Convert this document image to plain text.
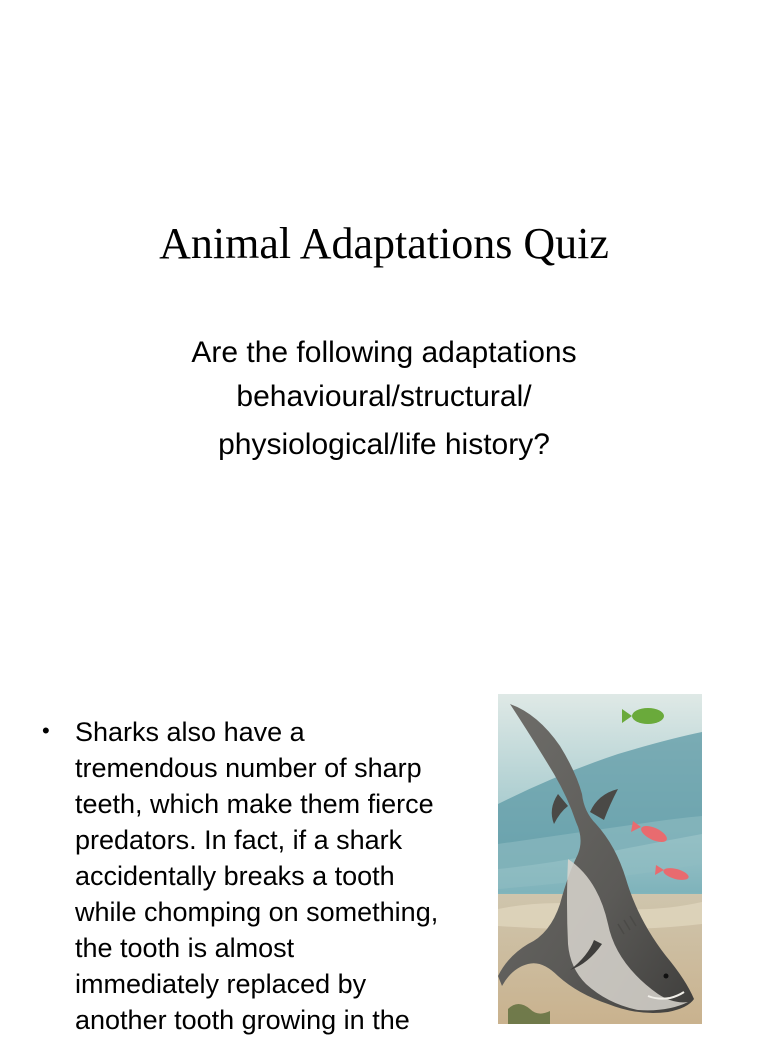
Animal Adaptations Quiz
Are the following adaptations
behavioural/structural/
physiological/life history?
• Sharks also have a
tremendous number of sharp
teeth, which make them fierce
predators. In fact, if a shark
accidentally breaks a tooth
while chomping on something,
the tooth is almost
immediately replaced by
another tooth growing in the
